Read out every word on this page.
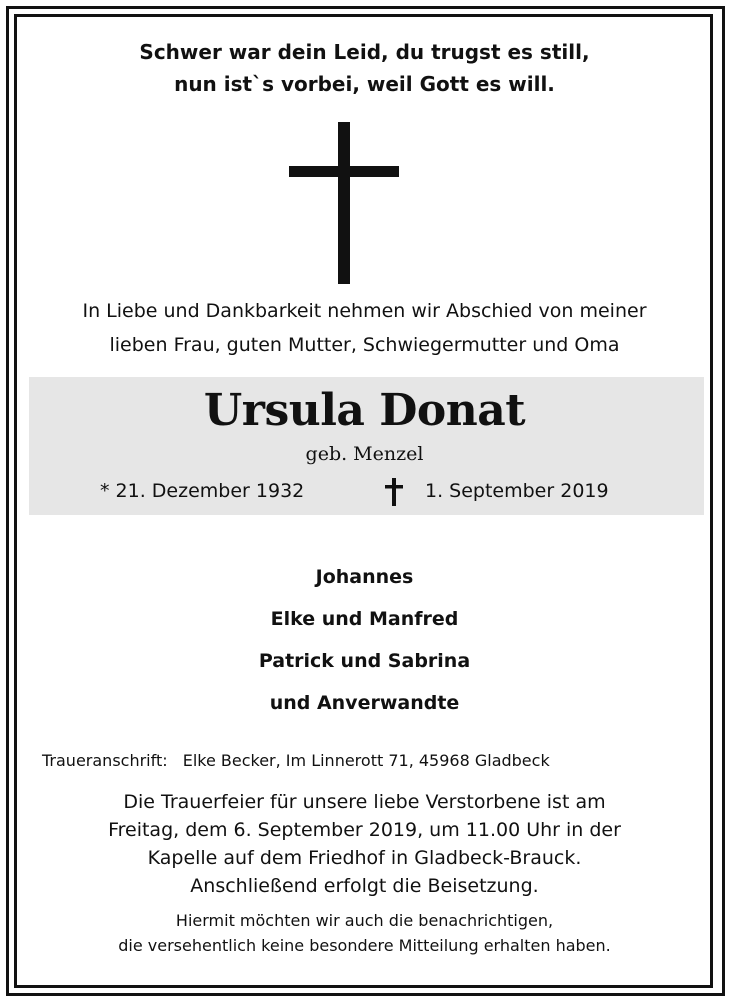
Schwer war dein Leid, du trugst es still,
nun ist`s vorbei, weil Gott es will.
In Liebe und Dankbarkeit nehmen wir Abschied von meiner
lieben Frau, guten Mutter, Schwiegermutter und Oma
Ursula Donat
geb. Menzel
* 21. Dezember 1932	1. September 2019
Johannes
Elke und Manfred
Patrick und Sabrina
und Anverwandte
Traueranschrift: Elke Becker, Im Linnerott 71, 45968 Gladbeck
Die Trauerfeier für unsere liebe Verstorbene ist am
Freitag, dem 6. September 2019, um 11.00 Uhr in der
Kapelle auf dem Friedhof in Gladbeck-Brauck.
Anschließend erfolgt die Beisetzung.
Hiermit möchten wir auch die benachrichtigen,
die versehentlich keine besondere Mitteilung erhalten haben.
